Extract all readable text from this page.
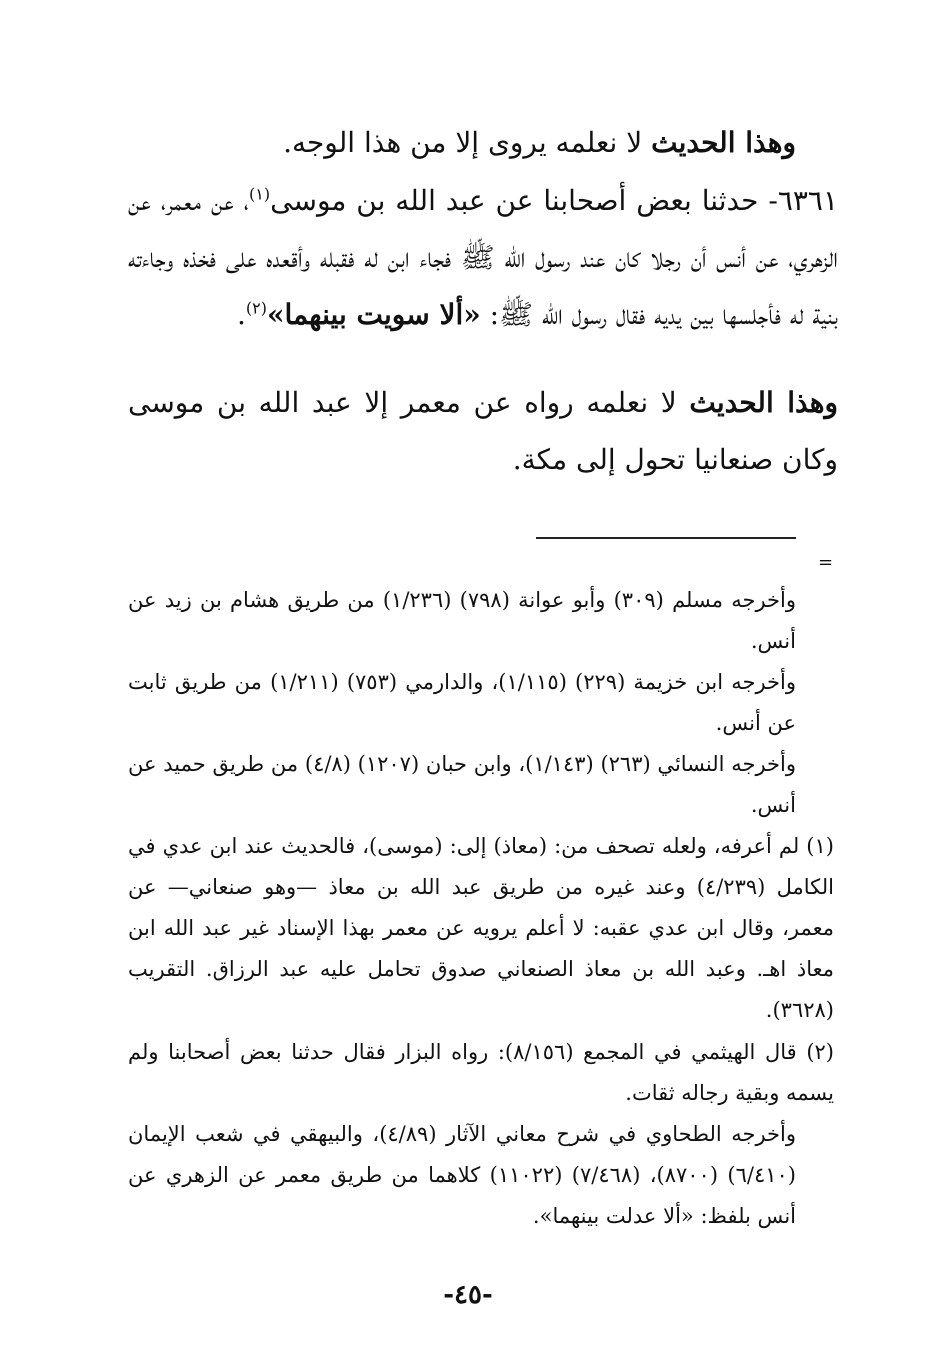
وهذا الحديث لا نعلمه يروى إلا من هذا الوجه.
٦٣٦١- حدثنا بعض أصحابنا عن عبد الله بن موسى$^{(١)}$، عن معمر، عن الزهري، عن أنس أن رجلا كان عند رسول الله ﷺ فجاء ابن له فقبله وأقعده على فخذه وجاءته بنية له فأجلسها بين يديه فقال رسول الله ﷺ: «ألا سويت بينهما»$^{(٢)}$.
وهذا الحديث لا نعلمه رواه عن معمر إلا عبد الله بن موسى وكان صنعانيا تحول إلى مكة.
=
وأخرجه مسلم (٣٠٩) وأبو عوانة (٧٩٨) (١/٢٣٦) من طريق هشام بن زيد عن أنس.
وأخرجه ابن خزيمة (٢٢٩) (١/١١٥)، والدارمي (٧٥٣) (١/٢١١) من طريق ثابت عن أنس.
وأخرجه النسائي (٢٦٣) (١/١٤٣)، وابن حبان (١٢٠٧) (٤/٨) من طريق حميد عن أنس.
(١) لم أعرفه، ولعله تصحف من: (معاذ) إلى: (موسى)، فالحديث عند ابن عدي في الكامل (٤/٢٣٩) وعند غيره من طريق عبد الله بن معاذ —وهو صنعاني— عن معمر، وقال ابن عدي عقبه: لا أعلم يرويه عن معمر بهذا الإسناد غير عبد الله ابن معاذ اهـ. وعبد الله بن معاذ الصنعاني صدوق تحامل عليه عبد الرزاق. التقريب (٣٦٢٨).
(٢) قال الهيثمي في المجمع (٨/١٥٦): رواه البزار فقال حدثنا بعض أصحابنا ولم يسمه وبقية رجاله ثقات.
وأخرجه الطحاوي في شرح معاني الآثار (٤/٨٩)، والبيهقي في شعب الإيمان (٦/٤١٠) (٨٧٠٠)، (٧/٤٦٨) (١١٠٢٢) كلاهما من طريق معمر عن الزهري عن أنس بلفظ: «ألا عدلت بينهما».
-٤٥-
